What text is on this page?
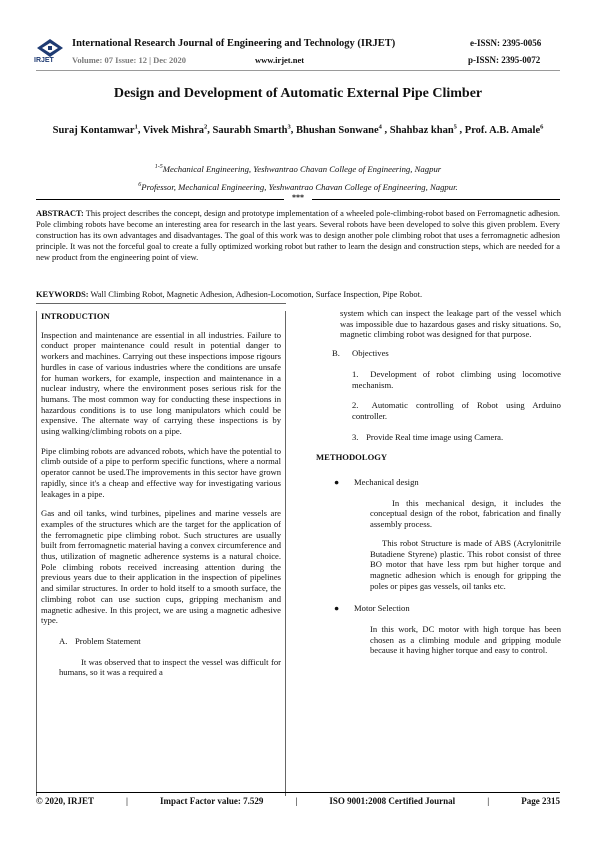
IRJET
International Research Journal of Engineering and Technology (IRJET)	e-ISSN: 2395-0056
Volume: 07 Issue: 12 | Dec 2020	www.irjet.net	p-ISSN: 2395-0072
Design and Development of Automatic External Pipe Climber
Suraj Kontamwar$^1$, Vivek Mishra$^2$, Saurabh Smarth$^3$, Bhushan Sonwane$^4$ , Shahbaz khan$^5$ , Prof. A.B. Amale$^6$
$^{1-5}$Mechanical Engineering, Yeshwantrao Chavan College of Engineering, Nagpur
$^6$Professor, Mechanical Engineering, Yeshwantrao Chavan College of Engineering, Nagpur.
***
ABSTRACT: This project describes the concept, design and prototype implementation of a wheeled pole-climbing-robot based on Ferromagnetic adhesion. Pole climbing robots have become an interesting area for research in the last years. Several robots have been developed to solve this given problem. Every construction has its own advantages and disadvantages. The goal of this work was to design another pole climbing robot that uses a ferromagnetic adhesion principle. It was not the forceful goal to create a fully optimized working robot but rather to learn the design and construction steps, which are needed for a new product from the engineering point of view.
KEYWORDS: Wall Climbing Robot, Magnetic Adhesion, Adhesion-Locomotion, Surface Inspection, Pipe Robot.
INTRODUCTION

Inspection and maintenance are essential in all industries. Failure to conduct proper maintenance could result in potential danger to workers and machines. Carrying out these inspections impose rigours hurdles in case of various industries where the conditions are unsafe for human workers, for example, inspection and maintenance in a nuclear industry, where the environment poses serious risk for the humans. The most common way for conducting these inspections in hazardous conditions is to use long manipulators which could be expensive. The alternate way of carrying these inspections is by using walking/climbing robots on a pipe.

Pipe climbing robots are advanced robots, which have the potential to climb outside of a pipe to perform specific functions, where a normal operator cannot be used.The improvements in this sector have grown rapidly, since it's a cheap and effective way for investigating various leakages in a pipe.

Gas and oil tanks, wind turbines, pipelines and marine vessels are examples of the structures which are the target for the application of the ferromagnetic pipe climbing robot. Such structures are usually built from ferromagnetic material having a convex circumference and thus, utilization of magnetic adherence systems is a natural choice. Pole climbing robots received increasing attention during the previous years due to their application in the inspection of pipelines and similar structures. In order to hold itself to a smooth surface, the climbing robot can use suction cups, gripping mechanism and magnetic adhesive. In this project, we are using a magnetic adhesive type.

A. Problem Statement

It was observed that to inspect the vessel was difficult for humans, so it was a required a

system which can inspect the leakage part of the vessel which was impossible due to hazardous gases and risky situations. So, magnetic climbing robot was designed for that purpose.

B. Objectives
1. Development of robot climbing using locomotive mechanism.
2. Automatic controlling of Robot using Arduino controller.
3. Provide Real time image using Camera.
METHODOLOGY
● Mechanical design

In this mechanical design, it includes the conceptual design of the robot, fabrication and finally assembly process.

This robot Structure is made of ABS (Acrylonitrile Butadiene Styrene) plastic. This robot consist of three BO motor that have less rpm but higher torque and magnetic adhesion which is enough for gripping the poles or pipes gas vessels, oil tanks etc.

● Motor Selection

In this work, DC motor with high torque has been chosen as a climbing module and gripping module because it having higher torque and easy to control.

© 2020, IRJET	|	Impact Factor value: 7.529	|	ISO 9001:2008 Certified Journal	|	Page 2315
